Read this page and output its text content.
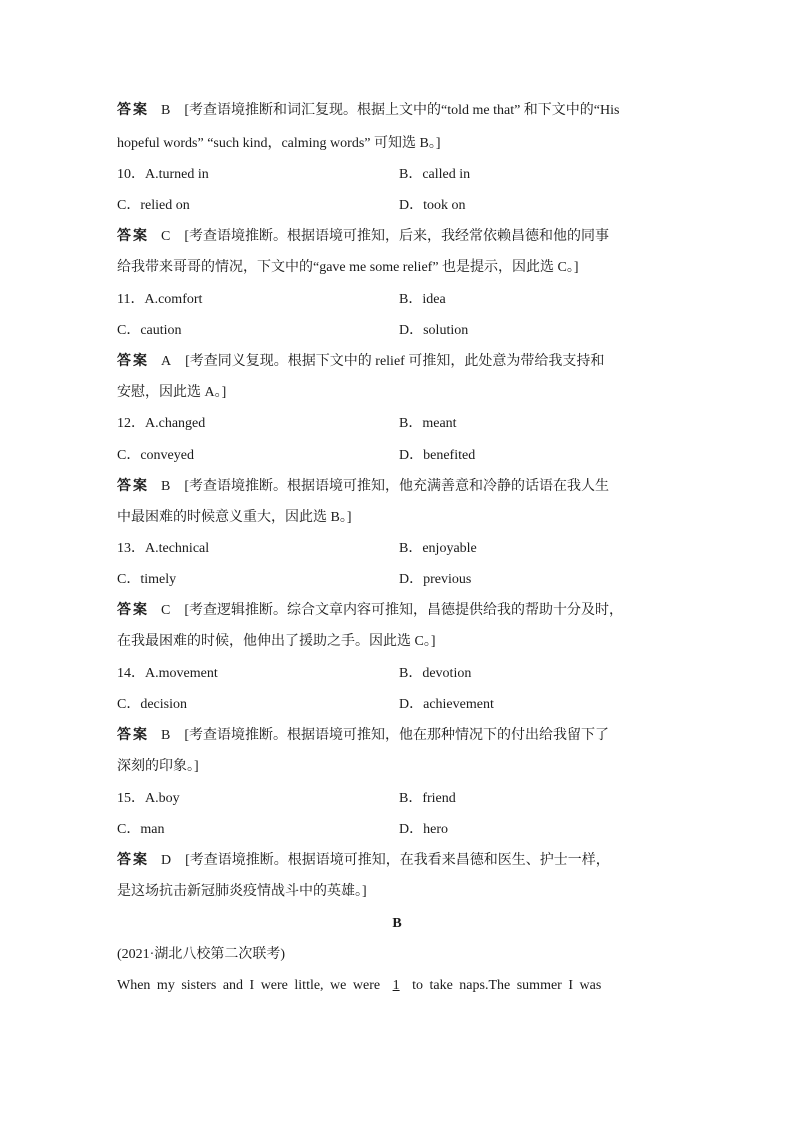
答案 B [考查语境推断和词汇复现。根据上文中的“told me that” 和下文中的“His
hopeful words” “such kind，calming words” 可知选 B。]
10．A.turned in	B．called in
C．relied on	D．took on
答案 C [考查语境推断。根据语境可推知，后来，我经常依赖昌德和他的同事
给我带来哥哥的情况，下文中的“gave me some relief” 也是提示，因此选 C。]
11．A.comfort	B．idea
C．caution	D．solution
答案 A [考查同义复现。根据下文中的 relief 可推知，此处意为带给我支持和
安慰，因此选 A。]
12．A.changed	B．meant
C．conveyed	D．benefited
答案 B [考查语境推断。根据语境可推知，他充满善意和冷静的话语在我人生
中最困难的时候意义重大，因此选 B。]
13．A.technical	B．enjoyable
C．timely	D．previous
答案 C [考查逻辑推断。综合文章内容可推知，昌德提供给我的帮助十分及时，
在我最困难的时候，他伸出了援助之手。因此选 C。]
14．A.movement	B．devotion
C．decision	D．achievement
答案 B [考查语境推断。根据语境可推知，他在那种情况下的付出给我留下了
深刻的印象。]
15．A.boy	B．friend
C．man	D．hero
答案 D [考查语境推断。根据语境可推知，在我看来昌德和医生、护士一样，
是这场抗击新冠肺炎疫情战斗中的英雄。]
B
(2021·湖北八校第二次联考)
When my sisters and I were little, we were 1 to take naps.The summer I was
